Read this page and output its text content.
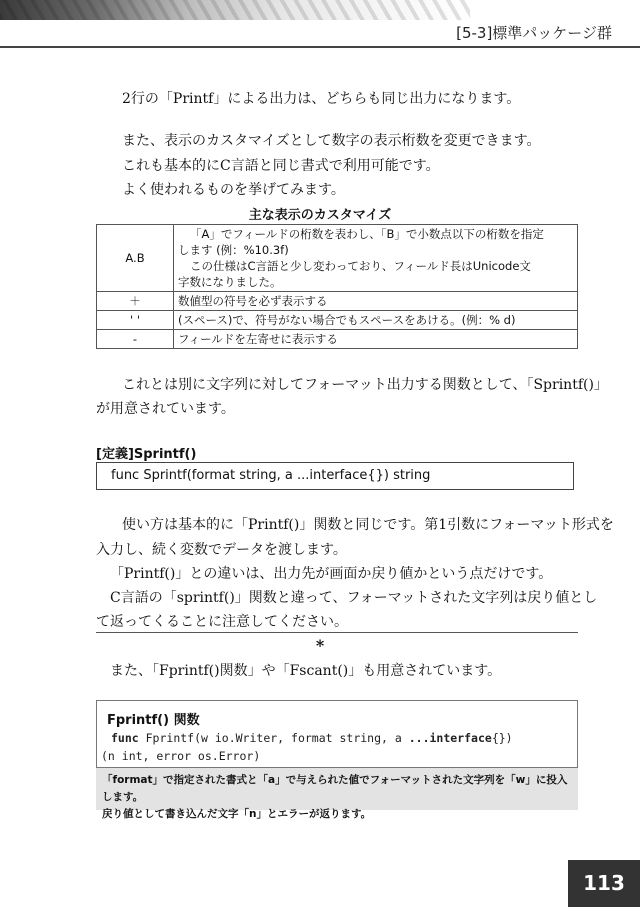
[5-3]標準パッケージ群
2行の「Printf」による出力は、どちらも同じ出力になります。
また、表示のカスタマイズとして数字の表示桁数を変更できます。
これも基本的にC言語と同じ書式で利用可能です。
よく使われるものを挙げてみます。
主な表示のカスタマイズ
A.B	「A」でフィールドの桁数を表わし、「B」で小数点以下の桁数を指定
します (例：%10.3f)
この仕様はC言語と少し変わっており、フィールド長はUnicode文
字数になりました。

＋	数値型の符号を必ず表示する
' '	(スペース)で、符号がない場合でもスペースをあける。(例：% d)
-	フィールドを左寄せに表示する
これとは別に文字列に対してフォーマット出力する関数として、「Sprintf()」
が用意されています。
[定義]Sprintf()
func Sprintf(format string, a ...interface{}) string
使い方は基本的に「Printf()」関数と同じです。第1引数にフォーマット形式を
入力し、続く変数でデータを渡します。
「Printf()」との違いは、出力先が画面か戻り値かという点だけです。
C言語の「sprintf()」関数と違って、フォーマットされた文字列は戻り値とし
て返ってくることに注意してください。
*
また、「Fprintf()関数」や「Fscant()」も用意されています。
Fprintf() 関数
func Fprintf(w io.Writer, format string, a ...interface{})
(n int, error os.Error)
「format」で指定された書式と「a」で与えられた値でフォーマットされた文字列を「w」に投入します。
戻り値として書き込んだ文字「n」とエラーが返ります。
113
